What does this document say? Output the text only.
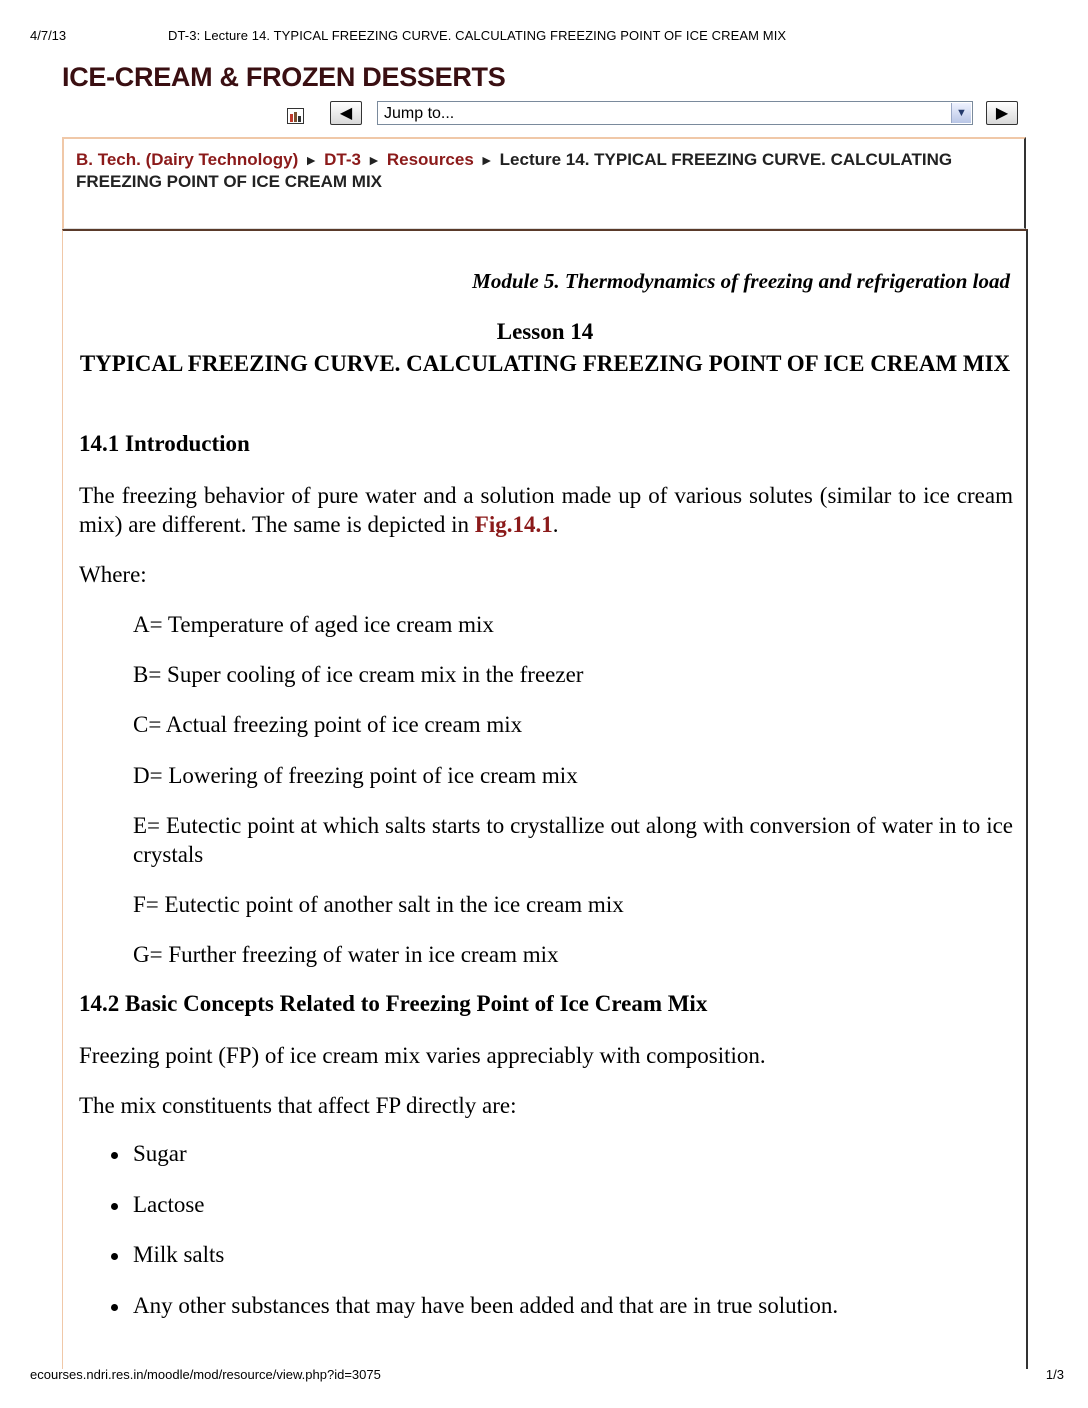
4/7/13	DT-3: Lecture 14. TYPICAL FREEZING CURVE. CALCULATING FREEZING POINT OF ICE CREAM MIX
ICE-CREAM & FROZEN DESSERTS
◀	Jump to...	▼	▶
B. Tech. (Dairy Technology) ► DT-3 ► Resources ► Lecture 14. TYPICAL FREEZING CURVE. CALCULATING FREEZING POINT OF ICE CREAM MIX
Module 5. Thermodynamics of freezing and refrigeration load
Lesson 14
TYPICAL FREEZING CURVE. CALCULATING FREEZING POINT OF ICE CREAM MIX
14.1 Introduction
The freezing behavior of pure water and a solution made up of various solutes (similar to ice cream mix) are different. The same is depicted in Fig.14.1.
Where:
A= Temperature of aged ice cream mix
B= Super cooling of ice cream mix in the freezer
C= Actual freezing point of ice cream mix
D= Lowering of freezing point of ice cream mix
E= Eutectic point at which salts starts to crystallize out along with conversion of water in to ice crystals
F= Eutectic point of another salt in the ice cream mix
G= Further freezing of water in ice cream mix
14.2 Basic Concepts Related to Freezing Point of Ice Cream Mix
Freezing point (FP) of ice cream mix varies appreciably with composition.
The mix constituents that affect FP directly are:
Sugar
Lactose
Milk salts
Any other substances that may have been added and that are in true solution.
ecourses.ndri.res.in/moodle/mod/resource/view.php?id=3075	1/3
